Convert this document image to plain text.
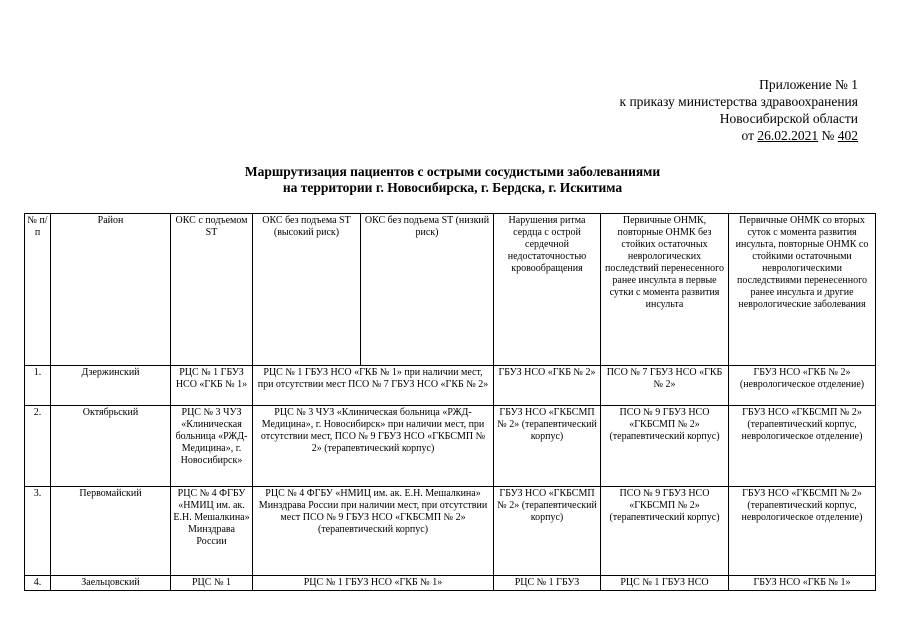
Приложение № 1
к приказу министерства здравоохранения
Новосибирской области
от 26.02.2021 № 402
Маршрутизация пациентов с острыми сосудистыми заболеваниями
на территории г. Новосибирска, г. Бердска, г. Искитима
№ п/п	Район	ОКС с подъемом ST	ОКС без подъема ST (высокий риск)	ОКС без подъема ST (низкий риск)	Нарушения ритма сердца с острой сердечной недостаточностью кровообращения	Первичные ОНМК, повторные ОНМК без стойких остаточных неврологических последствий перенесенного ранее инсульта в первые сутки с момента развития инсульта	Первичные ОНМК со вторых суток с момента развития инсульта, повторные ОНМК со стойкими остаточными неврологическими последствиями перенесенного ранее инсульта и другие неврологические заболевания
1.	Дзержинский	РЦС № 1 ГБУЗ НСО «ГКБ № 1»	РЦС № 1 ГБУЗ НСО «ГКБ № 1» при наличии мест, при отсутствии мест ПСО № 7 ГБУЗ НСО «ГКБ № 2»		ГБУЗ НСО «ГКБ № 2»	ПСО № 7 ГБУЗ НСО «ГКБ № 2»	ГБУЗ НСО «ГКБ № 2» (неврологическое отделение)
2.	Октябрьский	РЦС № 3 ЧУЗ «Клиническая больница «РЖД-Медицина», г. Новосибирск»	РЦС № 3 ЧУЗ «Клиническая больница «РЖД-Медицина», г. Новосибирск» при наличии мест, при отсутствии мест, ПСО № 9 ГБУЗ НСО «ГКБСМП № 2» (терапевтический корпус)		ГБУЗ НСО «ГКБСМП № 2» (терапевтический корпус)	ПСО № 9 ГБУЗ НСО «ГКБСМП № 2» (терапевтический корпус)	ГБУЗ НСО «ГКБСМП № 2» (терапевтический корпус, неврологическое отделение)
3.	Первомайский	РЦС № 4 ФГБУ «НМИЦ им. ак. Е.Н. Мешалкина» Минздрава России	РЦС № 4 ФГБУ «НМИЦ им. ак. Е.Н. Мешалкина» Минздрава России при наличии мест, при отсутствии мест ПСО № 9 ГБУЗ НСО «ГКБСМП № 2» (терапевтический корпус)		ГБУЗ НСО «ГКБСМП № 2» (терапевтический корпус)	ПСО № 9 ГБУЗ НСО «ГКБСМП № 2» (терапевтический корпус)	ГБУЗ НСО «ГКБСМП № 2» (терапевтический корпус, неврологическое отделение)
4.	Заельцовский	РЦС № 1	РЦС № 1 ГБУЗ НСО «ГКБ № 1»		РЦС № 1 ГБУЗ	РЦС № 1 ГБУЗ НСО	ГБУЗ НСО «ГКБ № 1»
